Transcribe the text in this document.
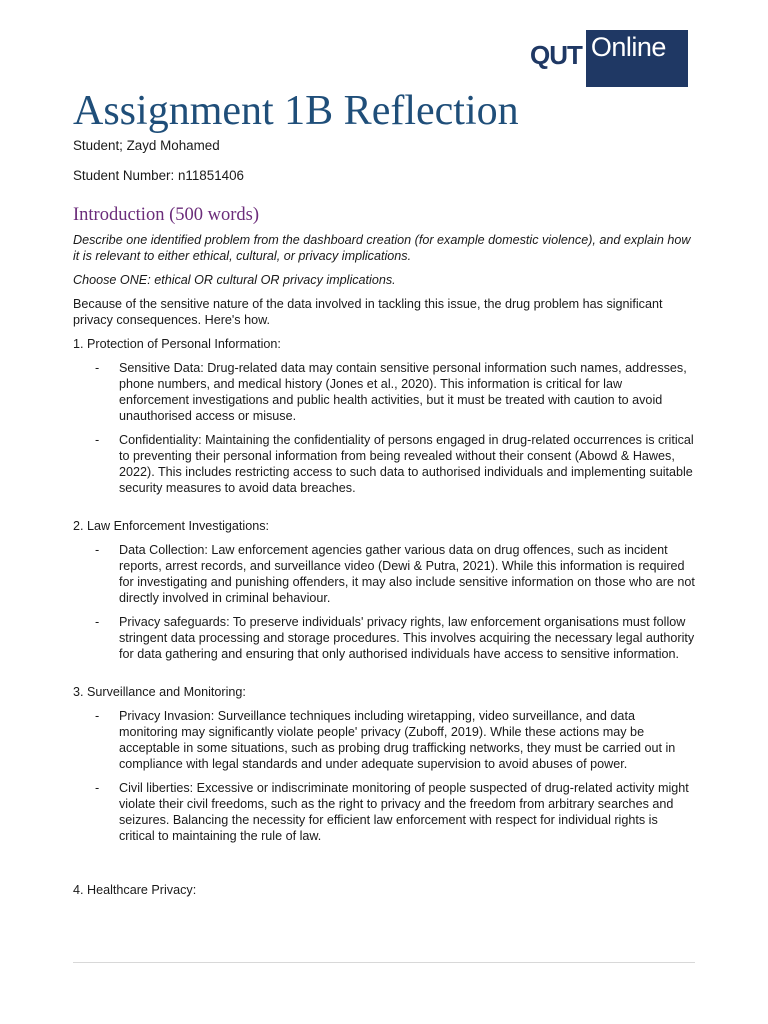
QUT Online
Assignment 1B Reflection

Student; Zayd Mohamed

Student Number: n11851406

Introduction (500 words)

Describe one identified problem from the dashboard creation (for example domestic violence), and explain how it is relevant to either ethical, cultural, or privacy implications.

Choose ONE: ethical OR cultural OR privacy implications.

Because of the sensitive nature of the data involved in tackling this issue, the drug problem has significant privacy consequences. Here's how.

1. Protection of Personal Information:

- Sensitive Data: Drug-related data may contain sensitive personal information such names, addresses, phone numbers, and medical history (Jones et al., 2020). This information is critical for law enforcement investigations and public health activities, but it must be treated with caution to avoid unauthorised access or misuse.
- Confidentiality: Maintaining the confidentiality of persons engaged in drug-related occurrences is critical to preventing their personal information from being revealed without their consent (Abowd & Hawes, 2022). This includes restricting access to such data to authorised individuals and implementing suitable security measures to avoid data breaches.

2. Law Enforcement Investigations:

- Data Collection: Law enforcement agencies gather various data on drug offences, such as incident reports, arrest records, and surveillance video (Dewi & Putra, 2021). While this information is required for investigating and punishing offenders, it may also include sensitive information on those who are not directly involved in criminal behaviour.
- Privacy safeguards: To preserve individuals' privacy rights, law enforcement organisations must follow stringent data processing and storage procedures. This involves acquiring the necessary legal authority for data gathering and ensuring that only authorised individuals have access to sensitive information.

3. Surveillance and Monitoring:

- Privacy Invasion: Surveillance techniques including wiretapping, video surveillance, and data monitoring may significantly violate people' privacy (Zuboff, 2019). While these actions may be acceptable in some situations, such as probing drug trafficking networks, they must be carried out in compliance with legal standards and under adequate supervision to avoid abuses of power.
- Civil liberties: Excessive or indiscriminate monitoring of people suspected of drug-related activity might violate their civil freedoms, such as the right to privacy and the freedom from arbitrary searches and seizures. Balancing the necessity for efficient law enforcement with respect for individual rights is critical to maintaining the rule of law.

4. Healthcare Privacy:
